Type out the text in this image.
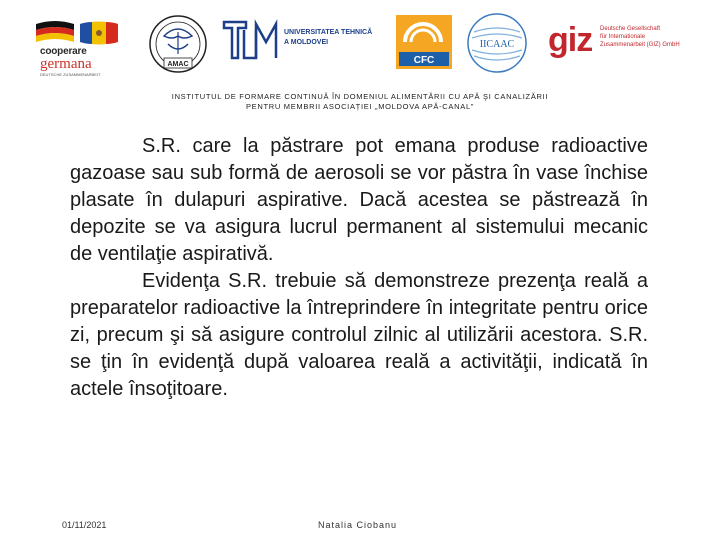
cooperare
germana
DEUTSCHE ZUSAMMENARBEIT
AMAC
UNIVERSITATEA TEHNICĂ
A MOLDOVEI
CFC
IICAAC giz Deutsche Gesellschaft
für Internationale
Zusammenarbeit (GIZ) GmbH
INSTITUTUL DE FORMARE CONTINUĂ ÎN DOMENIUL ALIMENTĂRII CU APĂ ŞI CANALIZĂRII
PENTRU MEMBRII ASOCIAȚIEI „MOLDOVA APĂ-CANAL”

S.R. care la păstrare pot emana produse radioactive gazoase sau sub formă de aerosoli se vor păstra în vase închise plasate în dulapuri aspirative. Dacă acestea se păstrează în depozite se va asigura lucrul permanent al sistemului mecanic de ventilaţie aspirativă.

Evidenţa S.R. trebuie să demonstreze prezenţa reală a preparatelor radioactive la întreprindere în integritate pentru orice zi, precum şi să asigure controlul zilnic al utilizării acestora. S.R. se ţin în evidenţă după valoarea reală a activităţii, indicată în actele însoţitoare.

01/11/2021	Natalia Ciobanu
